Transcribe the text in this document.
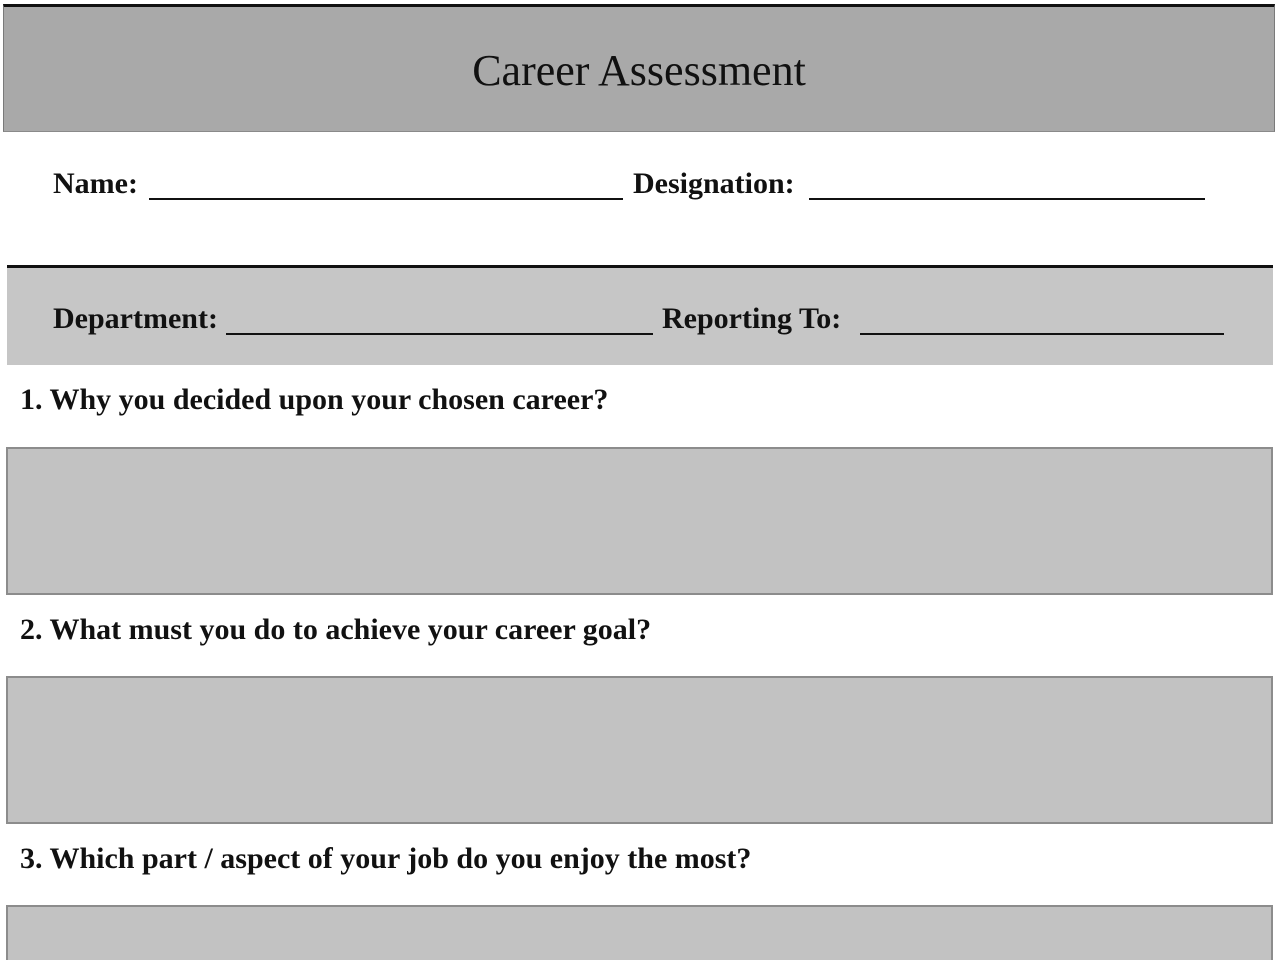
Career Assessment
Name:	Designation:
Department:	Reporting To:
1. Why you decided upon your chosen career?
2. What must you do to achieve your career goal?
3. Which part / aspect of your job do you enjoy the most?
